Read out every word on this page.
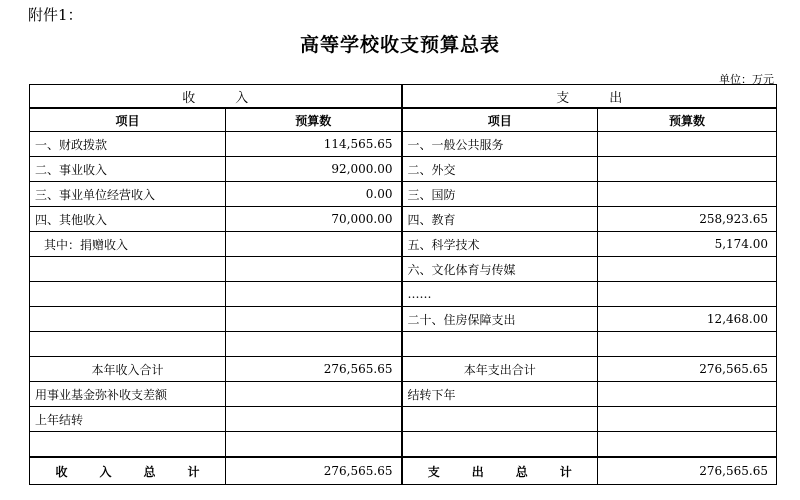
附件1：
高等学校收支预算总表
单位：万元
收 入		支 出	
项目	预算数	项目	预算数
一、财政拨款	114,565.65	一、一般公共服务	
二、事业收入	92,000.00	二、外交	
三、事业单位经营收入	0.00	三、国防	
四、其他收入	70,000.00	四、教育	258,923.65
其中：捐赠收入		五、科学技术	5,174.00
		六、文化体育与传媒	
		……	
		二十、住房保障支出	12,468.00

本年收入合计	276,565.65	本年支出合计	276,565.65
用事业基金弥补收支差额		结转下年	
上年结转			

收 入 总 计	276,565.65	支 出 总 计	276,565.65
